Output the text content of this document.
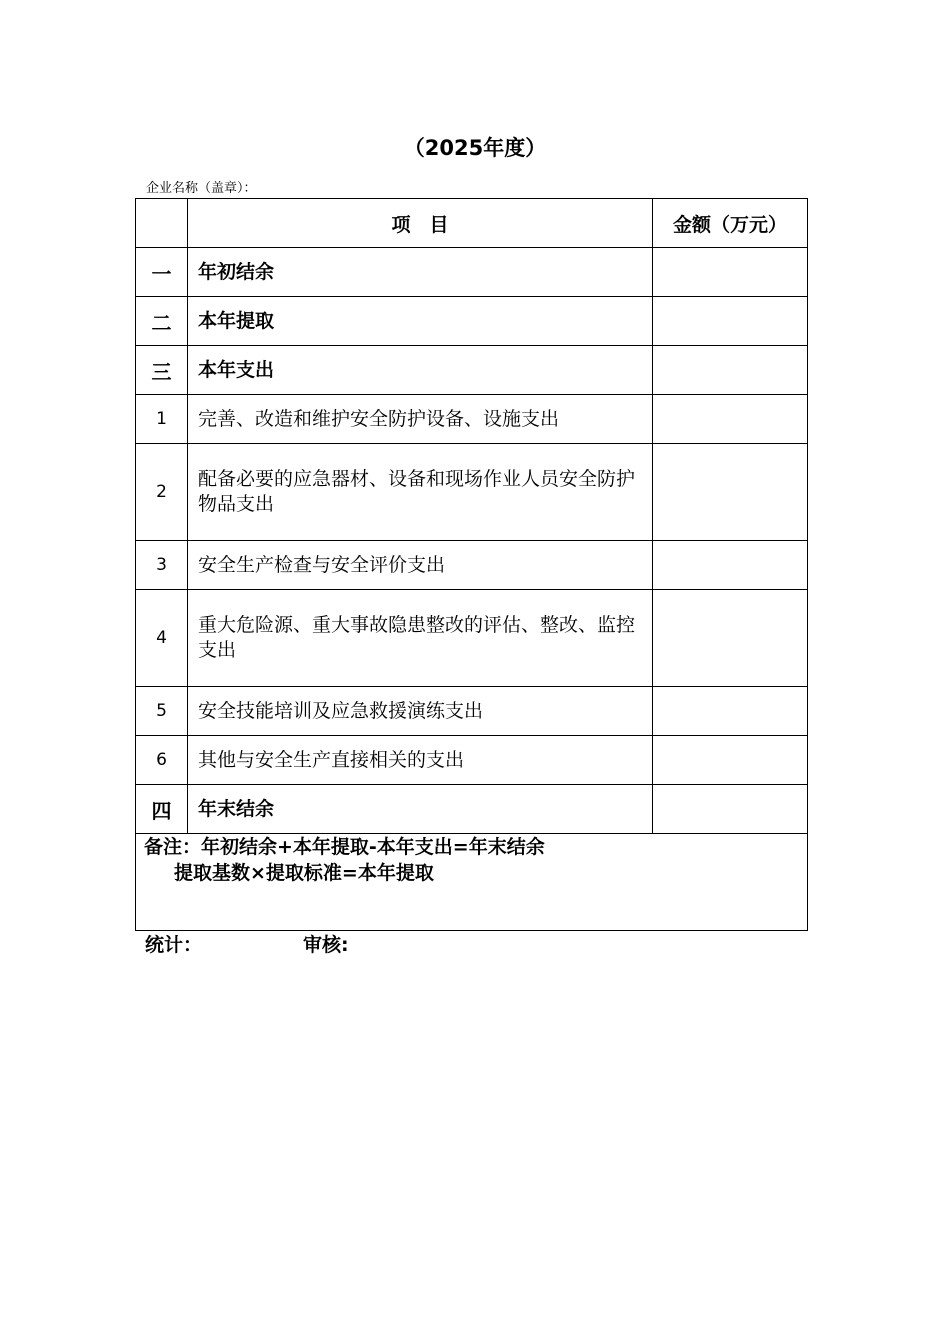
（2025年度）
企业名称（盖章）：
	项　目	金额（万元）
一	年初结余	
二	本年提取	
三	本年支出	
1	完善、改造和维护安全防护设备、设施支出	
2	配备必要的应急器材、设备和现场作业人员安全防护物品支出	
3	安全生产检查与安全评价支出	
4	重大危险源、重大事故隐患整改的评估、整改、监控支出	
5	安全技能培训及应急救援演练支出	
6	其他与安全生产直接相关的支出	
四	年末结余	

备注：年初结余+本年提取-本年支出=年末结余
提取基数×提取标准=本年提取		
统计：	审核:
